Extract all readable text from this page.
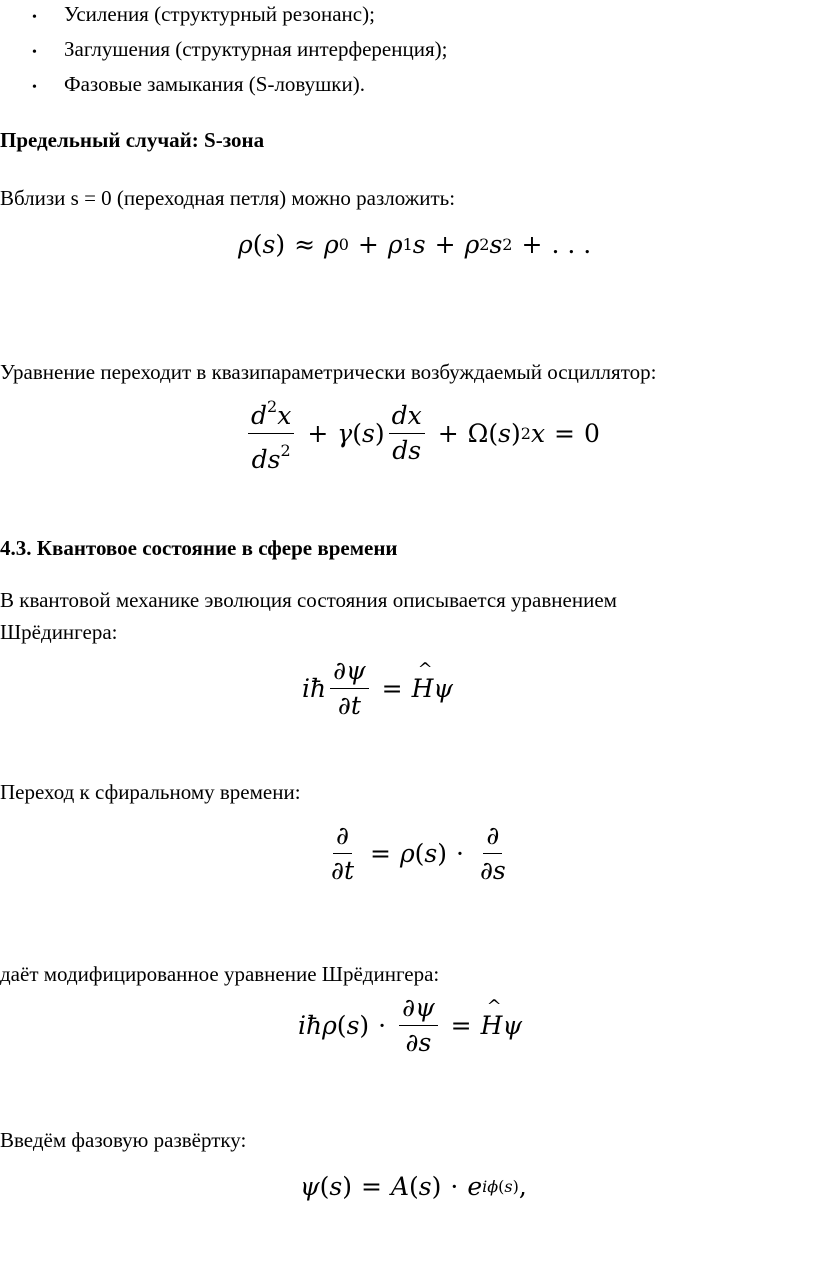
• Усиления (структурный резонанс);
• Заглушения (структурная интерференция);
• Фазовые замыкания (S-ловушки).
Предельный случай: S-зона
Вблизи s = 0 (переходная петля) можно разложить:
ρ ( s ) ≈ ρ 0 + ρ 1 s + ρ 2 s 2 + . . .
Уравнение переходит в квазипараметрически возбуждаемый осциллятор:
$\frac{d^2x}{ds^2} + \gamma$ ( s ) $\frac{dx}{ds} + \Omega$( s ) 2 x = 0
4.3. Квантовое состояние в сфере времени
В квантовой механике эволюция состояния описывается уравнением
Шрёдингера:
iħ $\frac{\partial\psi}{\partial t}$ = ^ H ψ
Переход к сфиральному времени:
$\frac{\partial}{\partial t} = \rho$ ( s ) · $\frac{\partial}{\partial s}$
даёт модифицированное уравнение Шрёдингера:
iħρ ( s ) · $\frac{\partial\psi}{\partial s}$ = ^ H ψ
Введём фазовую развёртку:
ψ ( s ) = A ( s ) · e iϕ(s) ,
